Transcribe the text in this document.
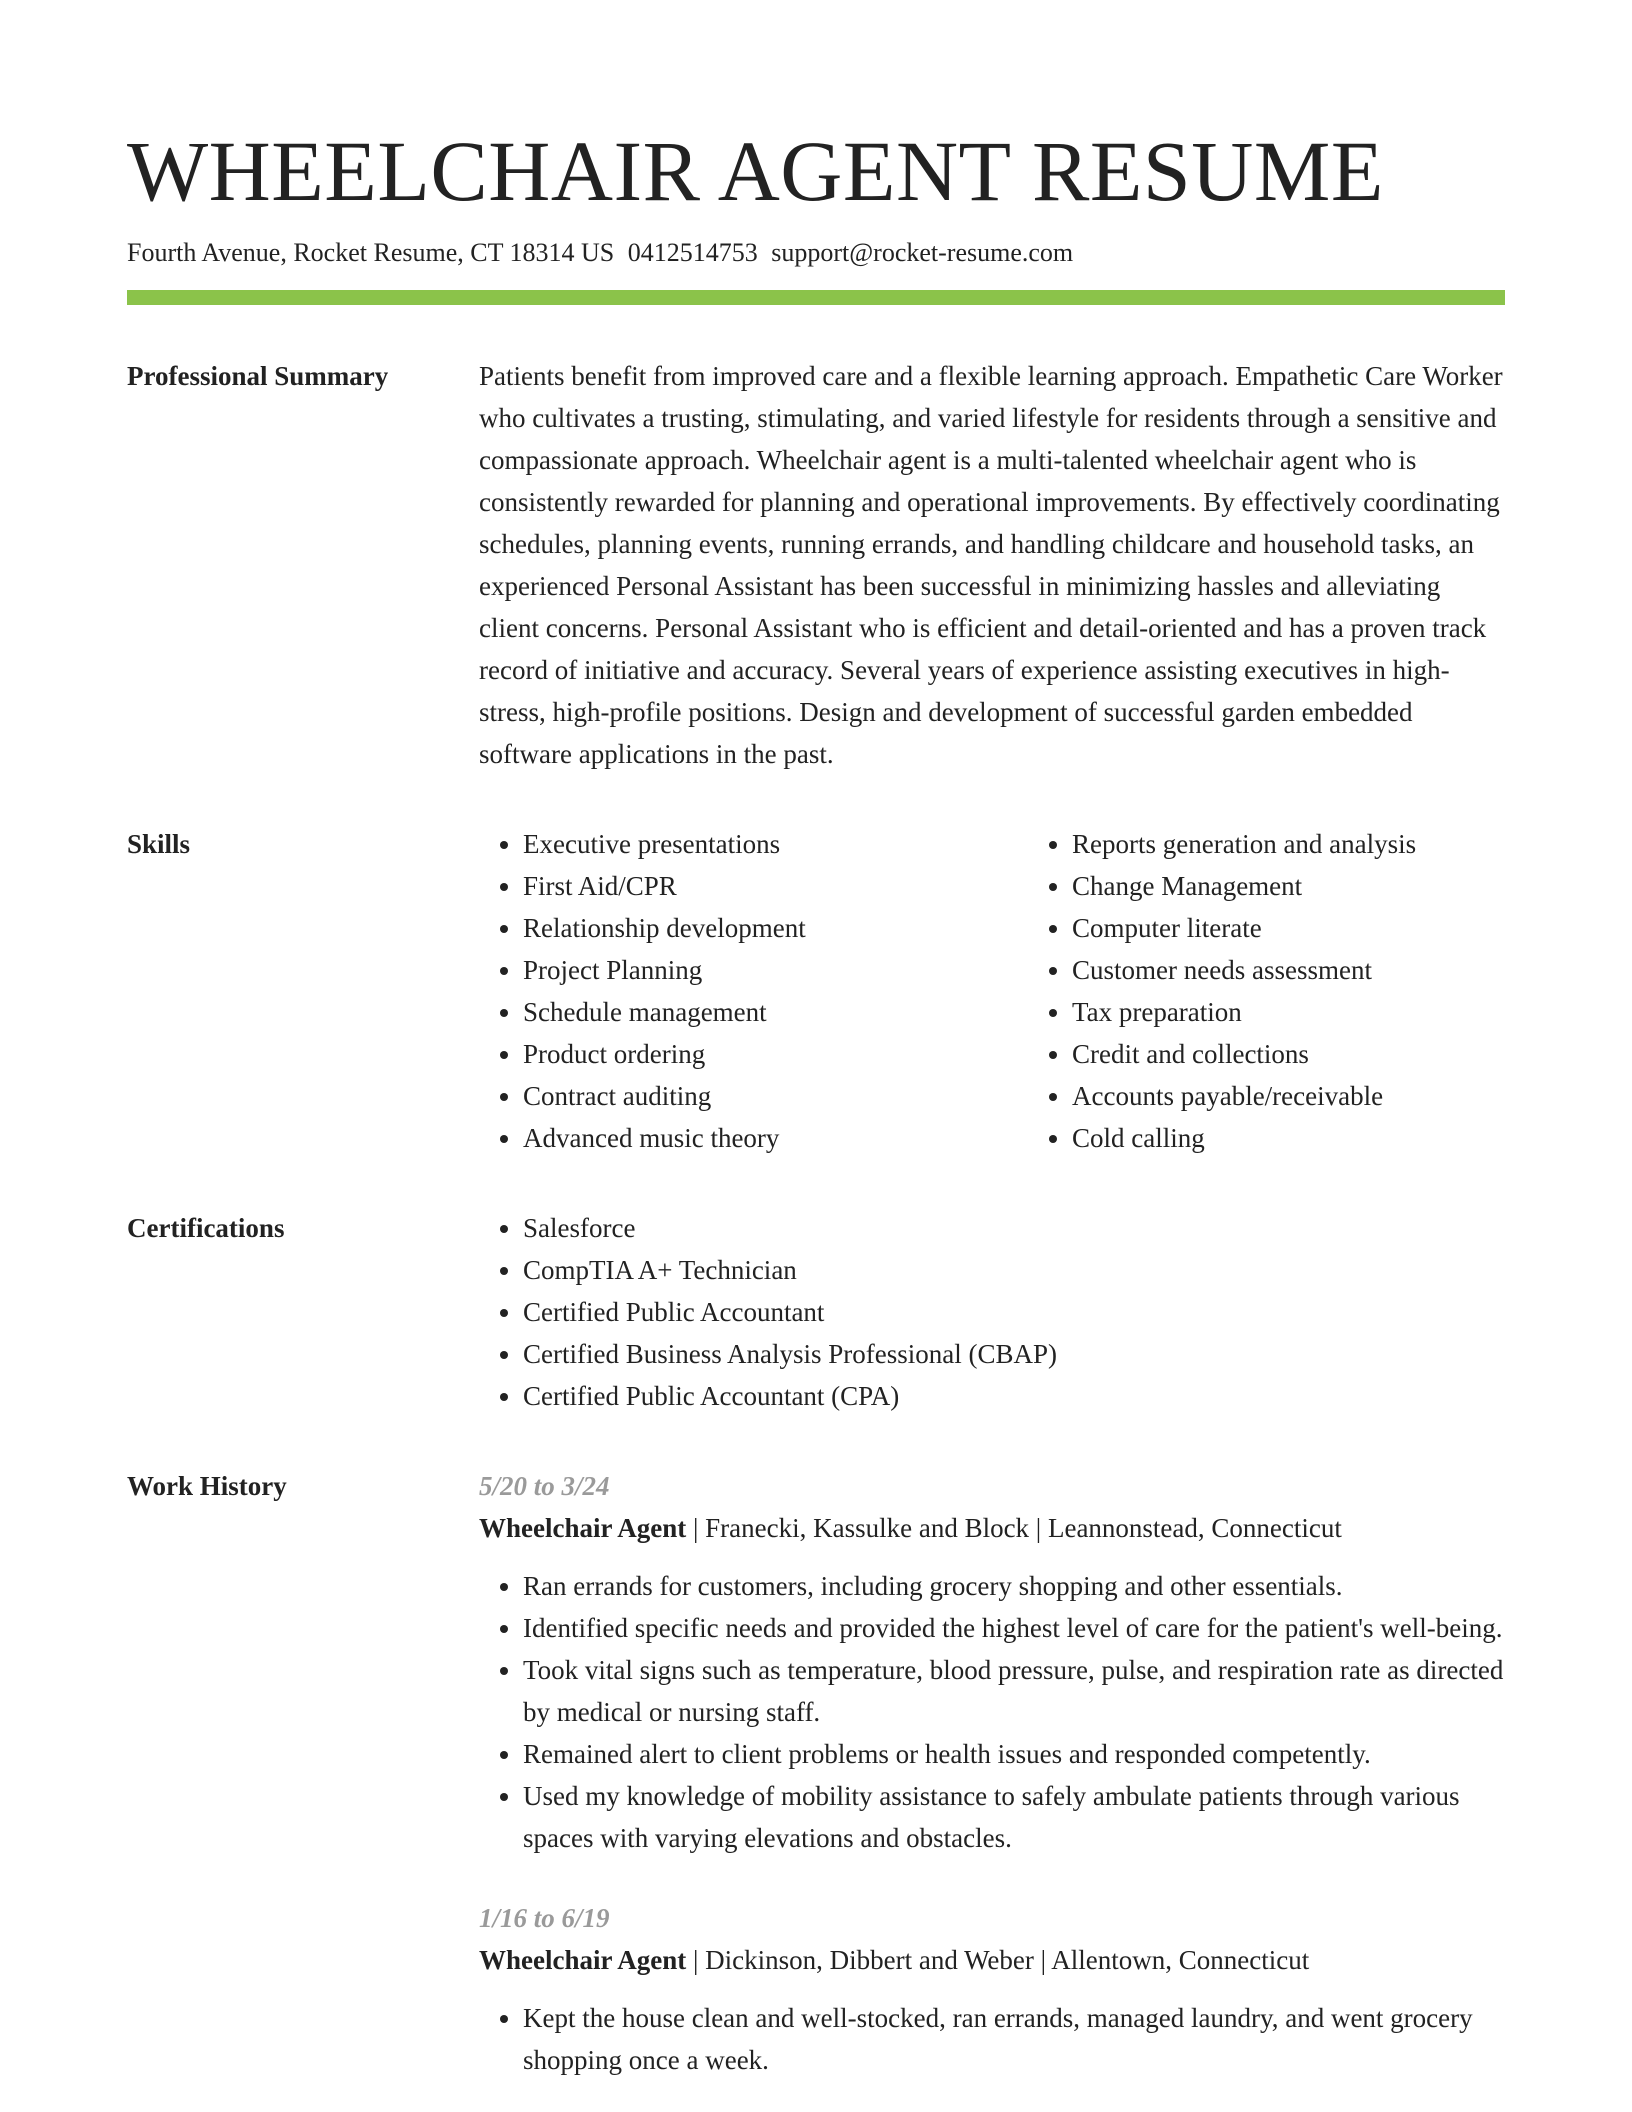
WHEELCHAIR AGENT RESUME
Fourth Avenue, Rocket Resume, CT 18314 US 0412514753 support@rocket-resume.com
Professional Summary	Patients benefit from improved care and a flexible learning approach. Empathetic Care Worker who cultivates a trusting, stimulating, and varied lifestyle for residents through a sensitive and compassionate approach. Wheelchair agent is a multi-talented wheelchair agent who is consistently rewarded for planning and operational improvements. By effectively coordinating schedules, planning events, running errands, and handling childcare and household tasks, an experienced Personal Assistant has been successful in minimizing hassles and alleviating client concerns. Personal Assistant who is efficient and detail-oriented and has a proven track record of initiative and accuracy. Several years of experience assisting executives in high-stress, high-profile positions. Design and development of successful garden embedded software applications in the past.

Skills	• Executive presentations
• First Aid/CPR
• Relationship development
• Project Planning
• Schedule management
• Product ordering
• Contract auditing
• Advanced music theory
• Reports generation and analysis
• Change Management
• Computer literate
• Customer needs assessment
• Tax preparation
• Credit and collections
• Accounts payable/receivable
• Cold calling
Certifications	• Salesforce
• CompTIA A+ Technician
• Certified Public Accountant
• Certified Business Analysis Professional (CBAP)
• Certified Public Accountant (CPA)
Work History	5/20 to 3/24
Wheelchair Agent | Franecki, Kassulke and Block | Leannonstead, Connecticut
• Ran errands for customers, including grocery shopping and other essentials.
• Identified specific needs and provided the highest level of care for the patient's well-being.
• Took vital signs such as temperature, blood pressure, pulse, and respiration rate as directed by medical or nursing staff.
• Remained alert to client problems or health issues and responded competently.
• Used my knowledge of mobility assistance to safely ambulate patients through various spaces with varying elevations and obstacles.
1/16 to 6/19
Wheelchair Agent | Dickinson, Dibbert and Weber | Allentown, Connecticut
• Kept the house clean and well-stocked, ran errands, managed laundry, and went grocery shopping once a week.
